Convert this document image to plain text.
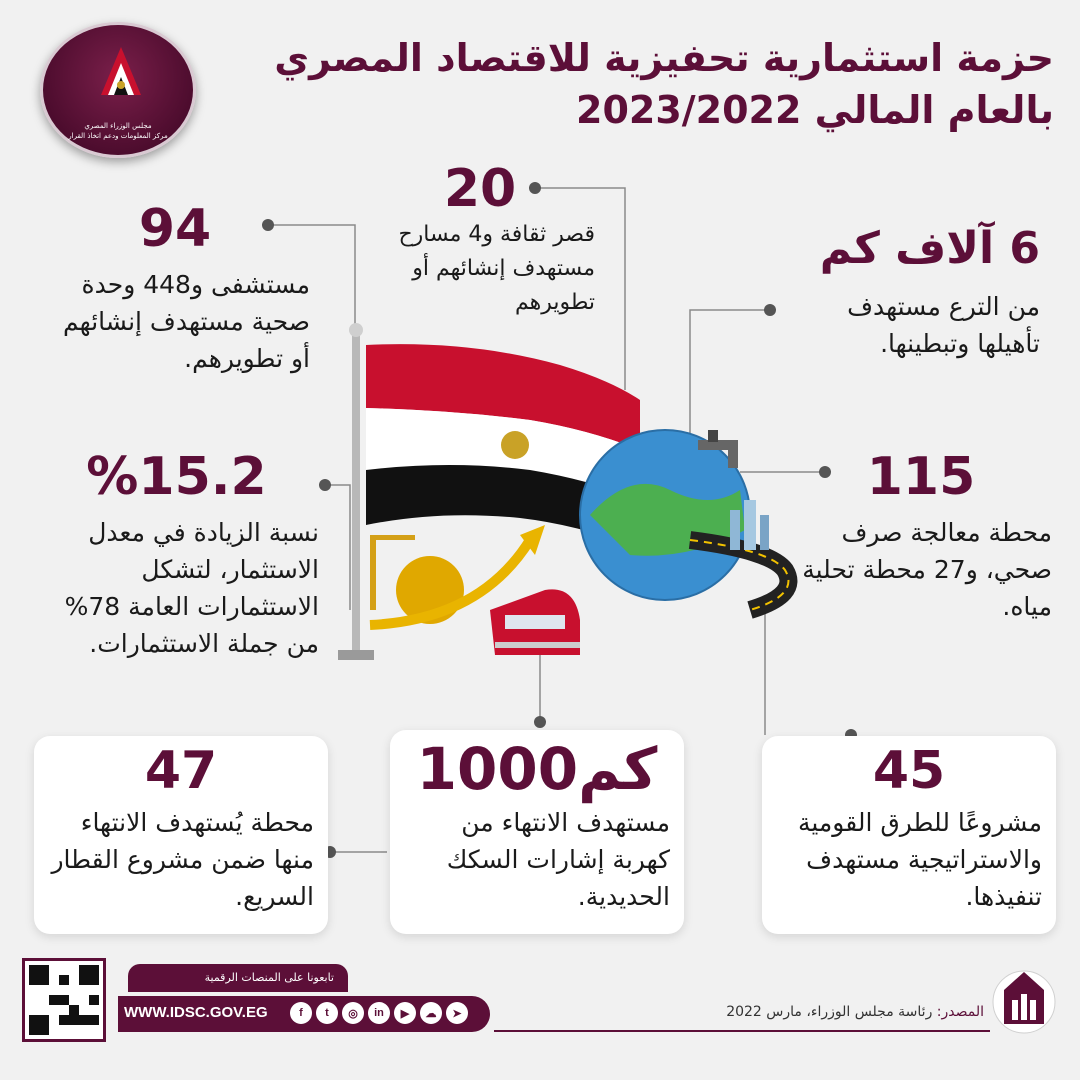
مجلس الوزراء المصري
مركز المعلومات ودعم اتخاذ القرار
حزمة استثمارية تحفيزية للاقتصاد المصري
بالعام المالي 2023/2022
94
مستشفى و448 وحدة صحية مستهدف إنشائهم أو تطويرهم.
20
قصر ثقافة و4 مسارح مستهدف إنشائهم أو تطويرهم
6 آلاف كم
من الترع مستهدف تأهيلها وتبطينها.
%15.2
نسبة الزيادة في معدل الاستثمار، لتشكل الاستثمارات العامة 78% من جملة الاستثمارات.
115
محطة معالجة صرف صحي، و27 محطة تحلية مياه.
47
محطة يُستهدف الانتهاء منها ضمن مشروع القطار السريع.
1000كم
مستهدف الانتهاء من كهربة إشارات السكك الحديدية.
45
مشروعًا للطرق القومية والاستراتيجية مستهدف تنفيذها.
تابعونا على المنصات الرقمية
WWW.IDSC.GOV.EG	f	t	◎	in	▶	☁	➤	المصدر: رئاسة مجلس الوزراء، مارس 2022
